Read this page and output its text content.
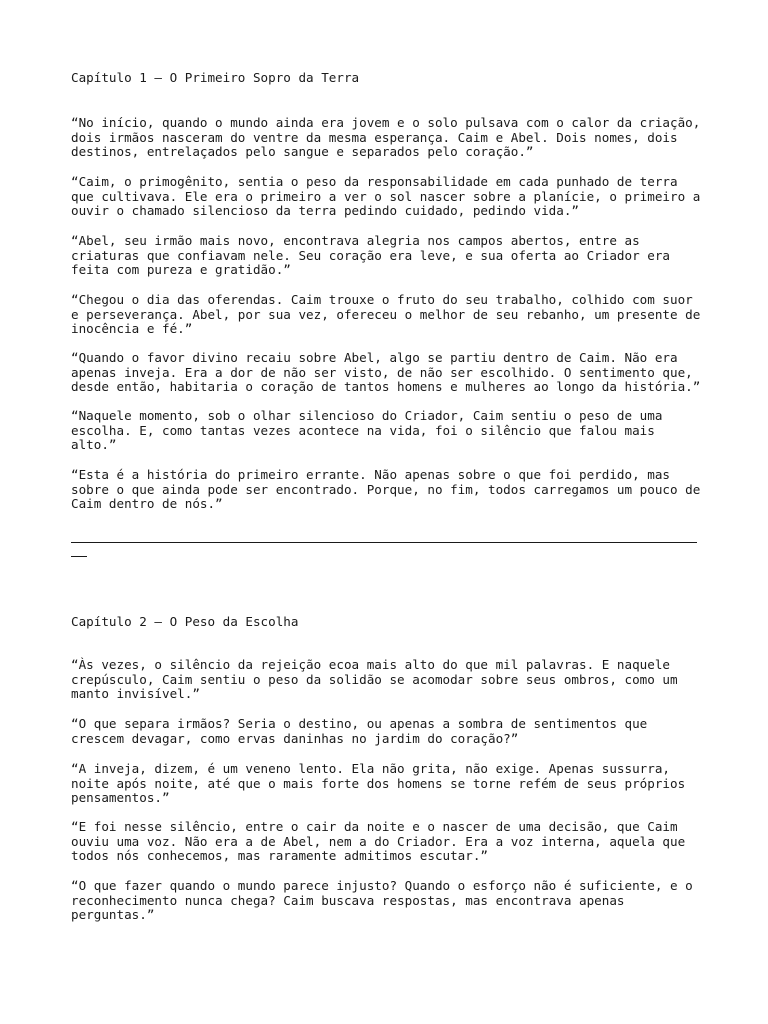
Capítulo 1 – O Primeiro Sopro da Terra

“No início, quando o mundo ainda era jovem e o solo pulsava com o calor da criação,
dois irmãos nasceram do ventre da mesma esperança. Caim e Abel. Dois nomes, dois
destinos, entrelaçados pelo sangue e separados pelo coração.”

“Caim, o primogênito, sentia o peso da responsabilidade em cada punhado de terra
que cultivava. Ele era o primeiro a ver o sol nascer sobre a planície, o primeiro a
ouvir o chamado silencioso da terra pedindo cuidado, pedindo vida.”

“Abel, seu irmão mais novo, encontrava alegria nos campos abertos, entre as
criaturas que confiavam nele. Seu coração era leve, e sua oferta ao Criador era
feita com pureza e gratidão.”

“Chegou o dia das oferendas. Caim trouxe o fruto do seu trabalho, colhido com suor
e perseverança. Abel, por sua vez, ofereceu o melhor de seu rebanho, um presente de
inocência e fé.”

“Quando o favor divino recaiu sobre Abel, algo se partiu dentro de Caim. Não era
apenas inveja. Era a dor de não ser visto, de não ser escolhido. O sentimento que,
desde então, habitaria o coração de tantos homens e mulheres ao longo da história.”

“Naquele momento, sob o olhar silencioso do Criador, Caim sentiu o peso de uma
escolha. E, como tantas vezes acontece na vida, foi o silêncio que falou mais
alto.”

“Esta é a história do primeiro errante. Não apenas sobre o que foi perdido, mas
sobre o que ainda pode ser encontrado. Porque, no fim, todos carregamos um pouco de
Caim dentro de nós.”

Capítulo 2 – O Peso da Escolha

“Às vezes, o silêncio da rejeição ecoa mais alto do que mil palavras. E naquele
crepúsculo, Caim sentiu o peso da solidão se acomodar sobre seus ombros, como um
manto invisível.”

“O que separa irmãos? Seria o destino, ou apenas a sombra de sentimentos que
crescem devagar, como ervas daninhas no jardim do coração?”

“A inveja, dizem, é um veneno lento. Ela não grita, não exige. Apenas sussurra,
noite após noite, até que o mais forte dos homens se torne refém de seus próprios
pensamentos.”

“E foi nesse silêncio, entre o cair da noite e o nascer de uma decisão, que Caim
ouviu uma voz. Não era a de Abel, nem a do Criador. Era a voz interna, aquela que
todos nós conhecemos, mas raramente admitimos escutar.”

“O que fazer quando o mundo parece injusto? Quando o esforço não é suficiente, e o
reconhecimento nunca chega? Caim buscava respostas, mas encontrava apenas
perguntas.”
